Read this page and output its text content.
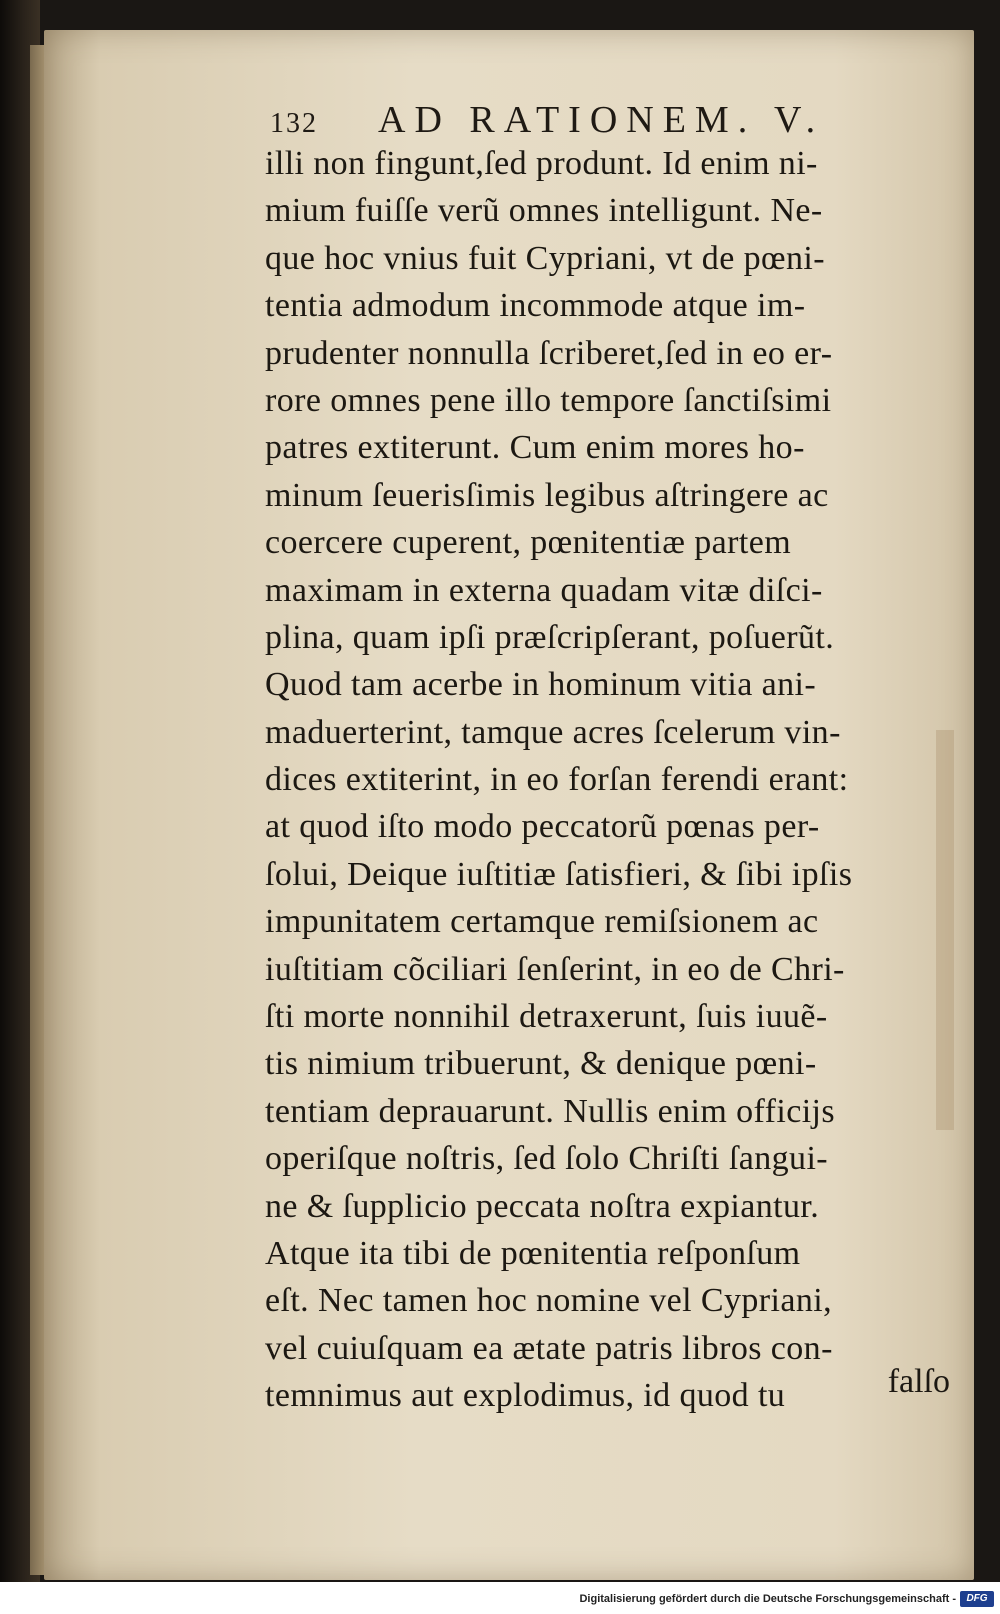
132 AD RATIONEM. V.
illi non fingunt,ſed produnt. Id enim ni-
mium fuiſſe verũ omnes intelligunt. Ne-
que hoc vnius fuit Cypriani, vt de pœni-
tentia admodum incommode atque im-
prudenter nonnulla ſcriberet,ſed in eo er-
rore omnes pene illo tempore ſanctiſsimi
patres extiterunt. Cum enim mores ho-
minum ſeuerisſimis legibus aſtringere ac
coercere cuperent, pœnitentiæ partem
maximam in externa quadam vitæ diſci-
plina, quam ipſi præſcripſerant, poſuerũt.
Quod tam acerbe in hominum vitia ani-
maduerterint, tamque acres ſcelerum vin-
dices extiterint, in eo forſan ferendi erant:
at quod iſto modo peccatorũ pœnas per-
ſolui, Deique iuſtitiæ ſatisfieri, & ſibi ipſis
impunitatem certamque remiſsionem ac
iuſtitiam cõciliari ſenſerint, in eo de Chri-
ſti morte nonnihil detraxerunt, ſuis iuuẽ-
tis nimium tribuerunt, & denique pœni-
tentiam deprauarunt. Nullis enim officijs
operiſque noſtris, ſed ſolo Chriſti ſangui-
ne & ſupplicio peccata noſtra expiantur.
Atque ita tibi de pœnitentia reſponſum
eſt. Nec tamen hoc nomine vel Cypriani,
vel cuiuſquam ea ætate patris libros con-
temnimus aut explodimus, id quod tu	falſo
Digitalisierung gefördert durch die Deutsche Forschungsgemeinschaft -	DFG
